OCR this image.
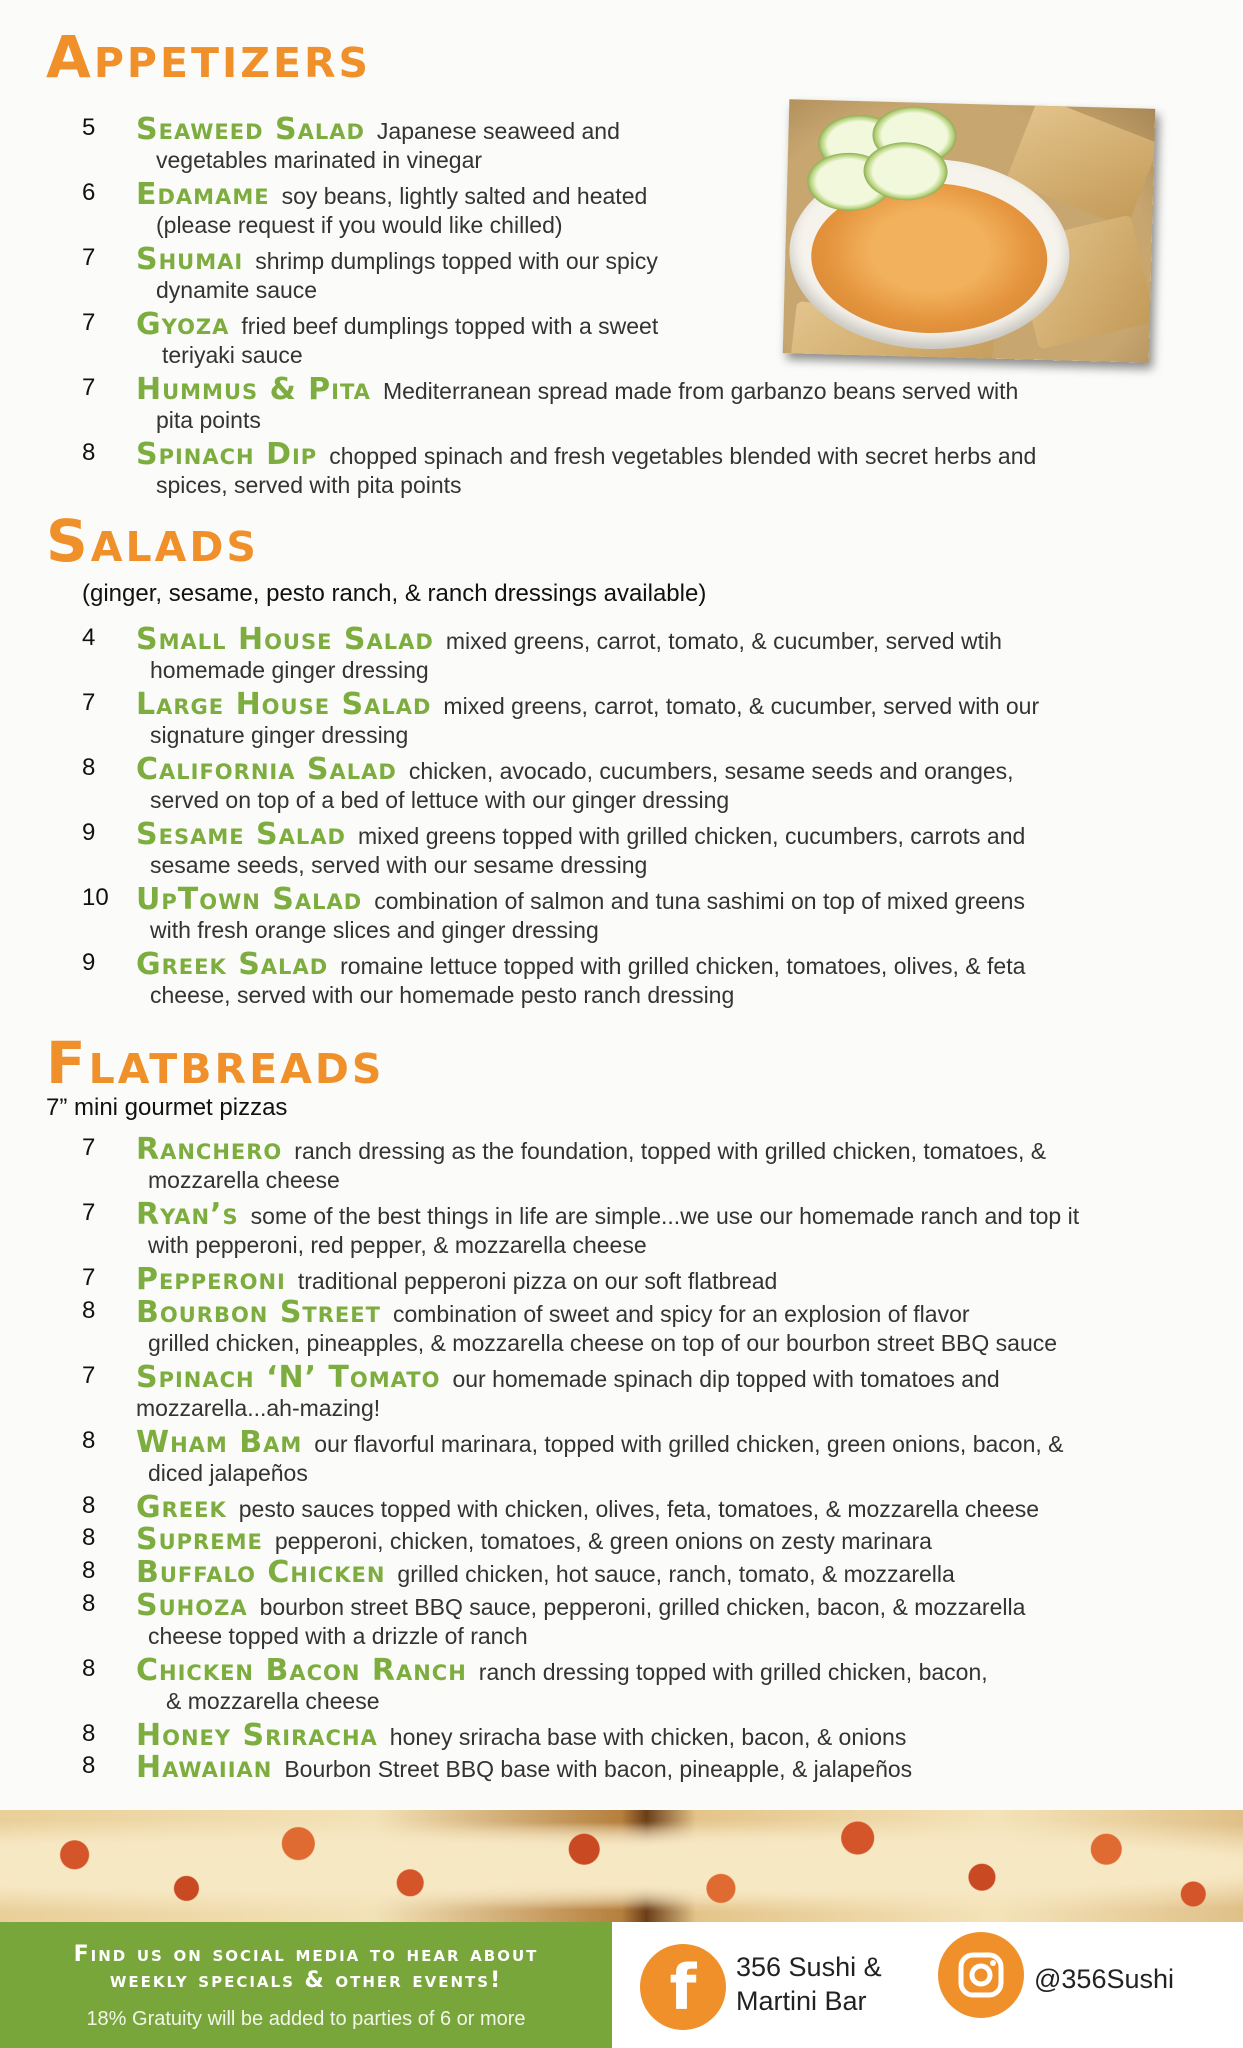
Appetizers
5 Seaweed Salad Japanese seaweed and
vegetables marinated in vinegar
6 Edamame soy beans, lightly salted and heated
(please request if you would like chilled)
7 Shumai shrimp dumplings topped with our spicy
dynamite sauce
7 Gyoza fried beef dumplings topped with a sweet
teriyaki sauce
7 Hummus & Pita Mediterranean spread made from garbanzo beans served with
pita points
8 Spinach Dip chopped spinach and fresh vegetables blended with secret herbs and
spices, served with pita points
Salads
(ginger, sesame, pesto ranch, & ranch dressings available)
4 Small House Salad mixed greens, carrot, tomato, & cucumber, served wtih
homemade ginger dressing
7 Large House Salad mixed greens, carrot, tomato, & cucumber, served with our
signature ginger dressing
8 California Salad chicken, avocado, cucumbers, sesame seeds and oranges,
served on top of a bed of lettuce with our ginger dressing
9 Sesame Salad mixed greens topped with grilled chicken, cucumbers, carrots and
sesame seeds, served with our sesame dressing
10 UpTown Salad combination of salmon and tuna sashimi on top of mixed greens
with fresh orange slices and ginger dressing
9 Greek Salad romaine lettuce topped with grilled chicken, tomatoes, olives, & feta
cheese, served with our homemade pesto ranch dressing
Flatbreads
7” mini gourmet pizzas
7 Ranchero ranch dressing as the foundation, topped with grilled chicken, tomatoes, &
mozzarella cheese
7 Ryan’s some of the best things in life are simple...we use our homemade ranch and top it
with pepperoni, red pepper, & mozzarella cheese
7 Pepperoni traditional pepperoni pizza on our soft flatbread
8 Bourbon Street combination of sweet and spicy for an explosion of flavor
grilled chicken, pineapples, & mozzarella cheese on top of our bourbon street BBQ sauce
7 Spinach ‘N’ Tomato our homemade spinach dip topped with tomatoes and
mozzarella...ah-mazing!
8 Wham Bam our flavorful marinara, topped with grilled chicken, green onions, bacon, &
diced jalapeños
8 Greek pesto sauces topped with chicken, olives, feta, tomatoes, & mozzarella cheese
8 Supreme pepperoni, chicken, tomatoes, & green onions on zesty marinara
8 Buffalo Chicken grilled chicken, hot sauce, ranch, tomato, & mozzarella
8 Suhoza bourbon street BBQ sauce, pepperoni, grilled chicken, bacon, & mozzarella
cheese topped with a drizzle of ranch
8 Chicken Bacon Ranch ranch dressing topped with grilled chicken, bacon,
& mozzarella cheese
8 Honey Sriracha honey sriracha base with chicken, bacon, & onions
8 Hawaiian Bourbon Street BBQ base with bacon, pineapple, & jalapeños
Find us on social media to hear about
weekly specials & other events!
18% Gratuity will be added to parties of 6 or more	f	356 Sushi &
Martini Bar
@356Sushi
